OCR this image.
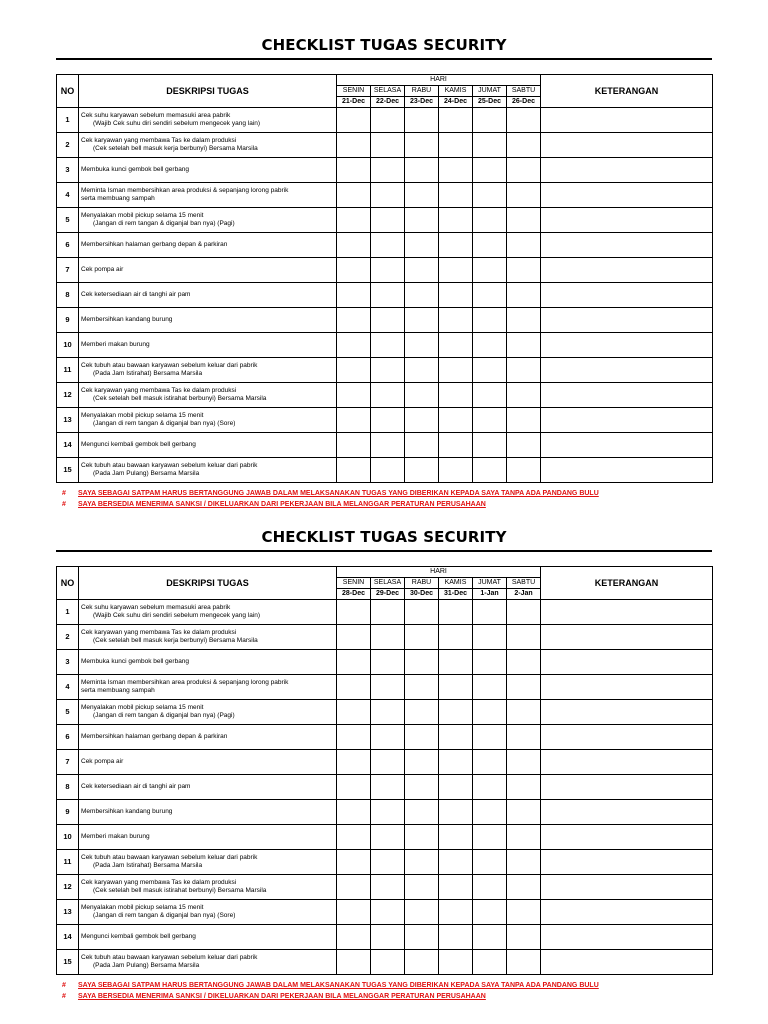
CHECKLIST TUGAS SECURITY
NO	DESKRIPSI TUGAS	HARI						KETERANGAN
		SENIN	SELASA	RABU	KAMIS	JUMAT	SABTU	
		21-Dec	22-Dec	23-Dec	24-Dec	25-Dec	26-Dec	
1	Cek suhu karyawan sebelum memasuki area pabrik
(Wajib Cek suhu diri sendiri sebelum mengecek yang lain)							

2	Cek karyawan yang membawa Tas ke dalam produksi
(Cek setelah bell masuk kerja berbunyi) Bersama Marsila							

3	Membuka kunci gembok bell gerbang							

4	Meminta Isman membersihkan area produksi & sepanjang lorong pabrik
serta membuang sampah							

5	Menyalakan mobil pickup selama 15 menit
(Jangan di rem tangan & diganjal ban nya) (Pagi)							

6	Membersihkan halaman gerbang depan & parkiran							

7	Cek pompa air							

8	Cek ketersediaan air di tanghi air pam							

9	Membersihkan kandang burung							

10	Memberi makan burung							

11	Cek tubuh atau bawaan karyawan sebelum keluar dari pabrik
(Pada Jam Istirahat) Bersama Marsila							

12	Cek karyawan yang membawa Tas ke dalam produksi
(Cek setelah bell masuk istirahat berbunyi) Bersama Marsila							

13	Menyalakan mobil pickup selama 15 menit
(Jangan di rem tangan & diganjal ban nya) (Sore)							

14	Mengunci kembali gembok bell gerbang							

15	Cek tubuh atau bawaan karyawan sebelum keluar dari pabrik
(Pada Jam Pulang) Bersama Marsila							

# SAYA SEBAGAI SATPAM HARUS BERTANGGUNG JAWAB DALAM MELAKSANAKAN TUGAS YANG DIBERIKAN KEPADA SAYA TANPA ADA PANDANG BULU
# SAYA BERSEDIA MENERIMA SANKSI / DIKELUARKAN DARI PEKERJAAN BILA MELANGGAR PERATURAN PERUSAHAAN
CHECKLIST TUGAS SECURITY
NO	DESKRIPSI TUGAS	HARI						KETERANGAN
		SENIN	SELASA	RABU	KAMIS	JUMAT	SABTU	
		28-Dec	29-Dec	30-Dec	31-Dec	1-Jan	2-Jan	
1	Cek suhu karyawan sebelum memasuki area pabrik
(Wajib Cek suhu diri sendiri sebelum mengecek yang lain)							

2	Cek karyawan yang membawa Tas ke dalam produksi
(Cek setelah bell masuk kerja berbunyi) Bersama Marsila							

3	Membuka kunci gembok bell gerbang							

4	Meminta Isman membersihkan area produksi & sepanjang lorong pabrik
serta membuang sampah							

5	Menyalakan mobil pickup selama 15 menit
(Jangan di rem tangan & diganjal ban nya) (Pagi)							

6	Membersihkan halaman gerbang depan & parkiran							

7	Cek pompa air							

8	Cek ketersediaan air di tanghi air pam							

9	Membersihkan kandang burung							

10	Memberi makan burung							

11	Cek tubuh atau bawaan karyawan sebelum keluar dari pabrik
(Pada Jam Istirahat) Bersama Marsila							

12	Cek karyawan yang membawa Tas ke dalam produksi
(Cek setelah bell masuk istirahat berbunyi) Bersama Marsila							

13	Menyalakan mobil pickup selama 15 menit
(Jangan di rem tangan & diganjal ban nya) (Sore)							

14	Mengunci kembali gembok bell gerbang							

15	Cek tubuh atau bawaan karyawan sebelum keluar dari pabrik
(Pada Jam Pulang) Bersama Marsila							

# SAYA SEBAGAI SATPAM HARUS BERTANGGUNG JAWAB DALAM MELAKSANAKAN TUGAS YANG DIBERIKAN KEPADA SAYA TANPA ADA PANDANG BULU
# SAYA BERSEDIA MENERIMA SANKSI / DIKELUARKAN DARI PEKERJAAN BILA MELANGGAR PERATURAN PERUSAHAAN
